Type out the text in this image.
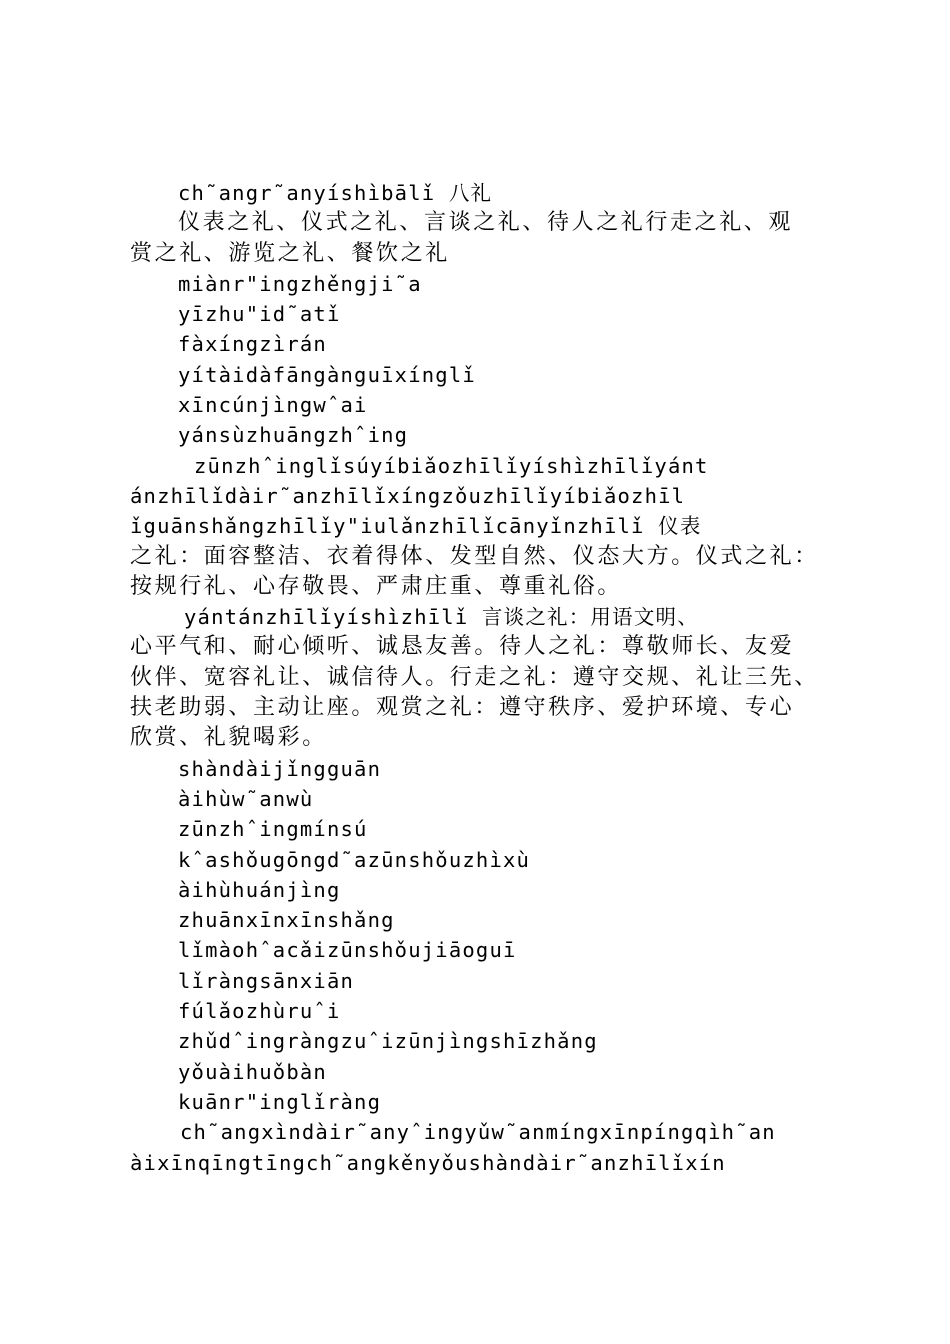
ch˜angr˜anyíshìbālǐ 八礼
仪表之礼、仪式之礼、言谈之礼、待人之礼行走之礼、观
赏之礼、游览之礼、餐饮之礼
miànr"ingzhěngji˜a
yīzhu"id˜atǐ
fàxíngzìrán
yítàidàfāngànguīxínglǐ
xīncúnjìngwˆai
yánsùzhuāngzhˆing
zūnzhˆinglǐsúyíbiǎozhīlǐyíshìzhīlǐyánt
ánzhīlǐdàir˜anzhīlǐxíngzǒuzhīlǐyíbiǎozhīl
ǐguānshǎngzhīlǐy"iulǎnzhīlǐcānyǐnzhīlǐ 仪表
之礼：面容整洁、衣着得体、发型自然、仪态大方。仪式之礼：
按规行礼、心存敬畏、严肃庄重、尊重礼俗。
yántánzhīlǐyíshìzhīlǐ 言谈之礼：用语文明、
心平气和、耐心倾听、诚恳友善。待人之礼：尊敬师长、友爱
伙伴、宽容礼让、诚信待人。行走之礼：遵守交规、礼让三先、
扶老助弱、主动让座。观赏之礼：遵守秩序、爱护环境、专心
欣赏、礼貌喝彩。
shàndàijǐngguān
àihùw˜anwù
zūnzhˆingmínsú
kˆashǒugōngd˜azūnshǒuzhìxù
àihùhuánjìng
zhuānxīnxīnshǎng
lǐmàohˆacǎizūnshǒujiāoguī
lǐràngsānxiān
fúlǎozhùruˆi
zhǔdˆingràngzuˆizūnjìngshīzhǎng
yǒuàihuǒbàn
kuānr"inglǐràng
ch˜angxìndàir˜anyˆingyǔw˜anmíngxīnpíngqìh˜an
àixīnqīngtīngch˜angkěnyǒushàndàir˜anzhīlǐxín
